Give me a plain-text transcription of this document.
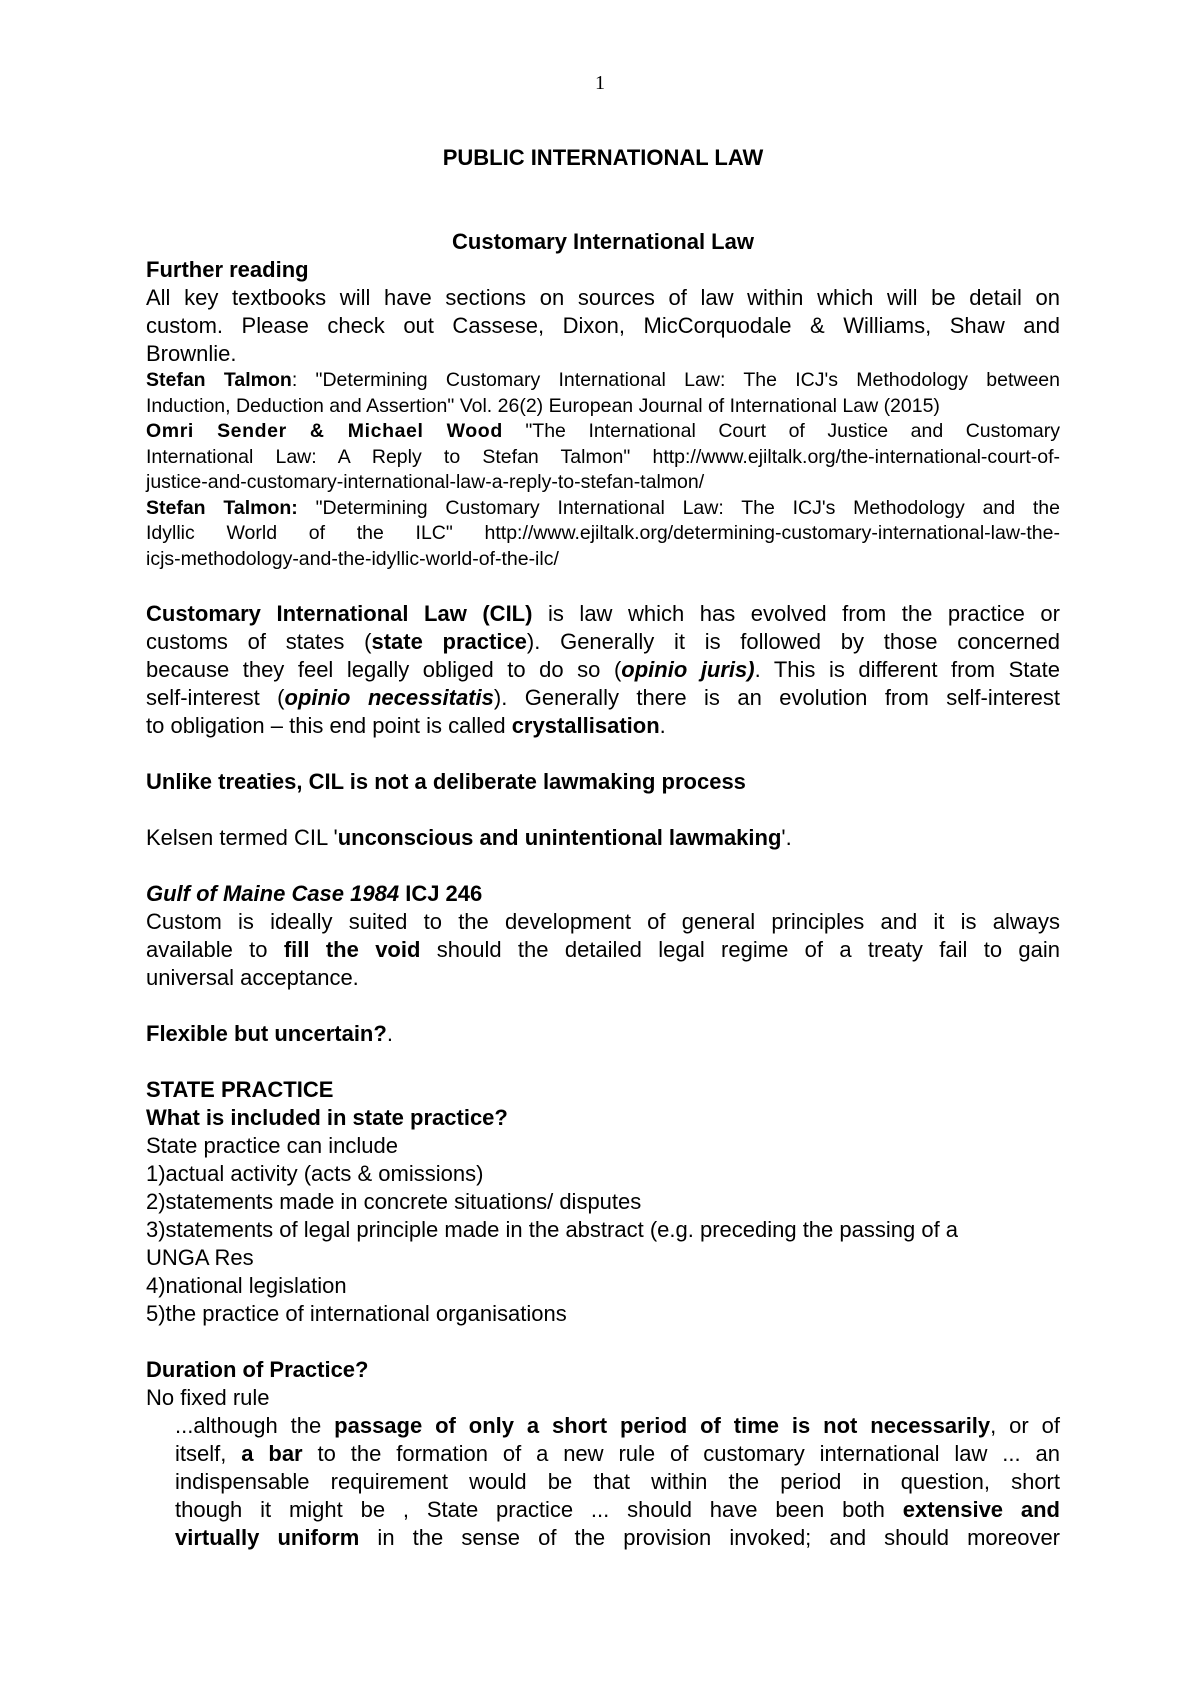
1
PUBLIC INTERNATIONAL LAW
Customary International Law
Further reading
All key textbooks will have sections on sources of law within which will be detail on
custom. Please check out Cassese, Dixon, MicCorquodale & Williams, Shaw and
Brownlie.
Stefan Talmon: "Determining Customary International Law: The ICJ's Methodology between
Induction, Deduction and Assertion" Vol. 26(2) European Journal of International Law (2015)
Omri Sender & Michael Wood "The International Court of Justice and Customary
International Law: A Reply to Stefan Talmon" http://www.ejiltalk.org/the-international-court-of-
justice-and-customary-international-law-a-reply-to-stefan-talmon/
Stefan Talmon: "Determining Customary International Law: The ICJ's Methodology and the
Idyllic World of the ILC" http://www.ejiltalk.org/determining-customary-international-law-the-
icjs-methodology-and-the-idyllic-world-of-the-ilc/
Customary International Law (CIL) is law which has evolved from the practice or
customs of states (state practice). Generally it is followed by those concerned
because they feel legally obliged to do so (opinio juris). This is different from State
self-interest (opinio necessitatis). Generally there is an evolution from self-interest
to obligation – this end point is called crystallisation.
Unlike treaties, CIL is not a deliberate lawmaking process
Kelsen termed CIL 'unconscious and unintentional lawmaking'.
Gulf of Maine Case 1984 ICJ 246
Custom is ideally suited to the development of general principles and it is always
available to fill the void should the detailed legal regime of a treaty fail to gain
universal acceptance.
Flexible but uncertain?.
STATE PRACTICE
What is included in state practice?
State practice can include
1)actual activity (acts & omissions)
2)statements made in concrete situations/ disputes
3)statements of legal principle made in the abstract (e.g. preceding the passing of a
UNGA Res
4)national legislation
5)the practice of international organisations
Duration of Practice?
No fixed rule
...although the passage of only a short period of time is not necessarily, or of
itself, a bar to the formation of a new rule of customary international law ... an
indispensable requirement would be that within the period in question, short
though it might be , State practice ... should have been both extensive and
virtually uniform in the sense of the provision invoked; and should moreover
